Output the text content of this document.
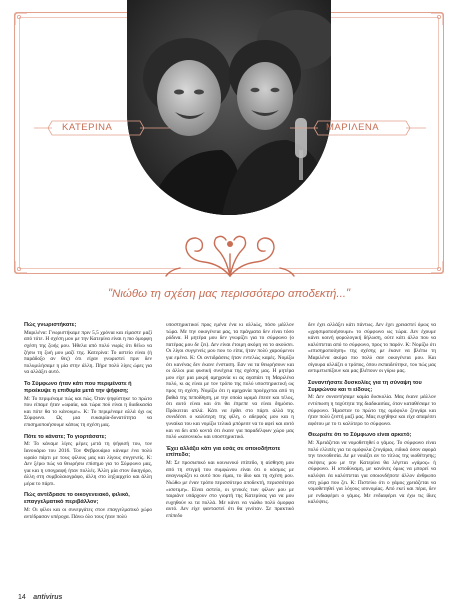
ΚΑΤΕΡΙΝΑ	ΜΑΡΙΛΕΝΑ
"Νιώθω τη σχέση μας περισσότερο αποδεκτή..."
Πώς γνωριστήκατε;

Μαριλένα: Γνωριστήκαμε πριν 5,5 χρόνια και είμαστε μαζί από τότε. Η σχέση μου με την Κατερίνα είναι η πιο όμορφη σχέση της ζωής μου. Ήθελα από πολύ νωρίς ότι θέλω να ζήσω τη ζωή μου μαζί της. Κατερίνα: Το αστείο είναι (ή παράδοξο αν θες) ότι είχαν γνωριστεί πριν δεν πολυμιλήσαμε η μία στην άλλη. Πήρε πολύ λίγες ώρες για να αλλάξει αυτό.

Το Σύμφωνο ήταν κάτι που περιμένατε ή προέκυψε η επιθυμία μετά την ψήφιση;

Μ: Το περιμέναμε πώς και πώς. Όταν ψηφίστηκε το πρώτο που είπαμε ήταν «ωραία, και τώρα πού είναι η διαδικασία και πότε θα το κάνουμε». Κ: Το περιμέναμε αλλά όχι ως Σύμφωνο. Ως μια ευκαιρία-δυνατότητα να επισημοποιήσουμε κάπως τη σχέση μας.

Πότε το κάνατε; Το γιορτάσατε;

Μ: Το κάναμε λίγες μέρες μετά τη ψήφισή του, τον Ιανουάριο του 2016. Τον Φεβρουάριο κάναμε ένα πολύ ωραίο πάρτι με τους φίλους μας και λίγους συγγενείς. Κ: Δεν ξέρω πώς να θεωρήσω επίσημο για το Σύμφωνο μας, για και η υπογραφή ήταν πολλές. Άλλη μία στον δικηγόρο, άλλη στη συμβολαιογράφο, άλλη στο ληξιαρχείο και άλλη μέρα το πάρτι.

Πώς αντέδρασε το οικογενειακό, φιλικό, επαγγελματικό περιβάλλον;

Μ: Οι φίλοι και οι συνεργάτες στον επαγγελματικό χώρο αντέδρασαν υπέροχα. Πάνω όλο τους ήταν πολύ

υποστηρικτικοί προς εμένα ένα κι αλλιώς, πόσο μάλλον τώρα. Με την οικογένεια μας, τα πράγματα δεν είναι τόσο ρόδινα. Η μητέρα μου δεν γνωρίζει για το σύμφωνο (ο πατέρας μου δε ζει). Δεν είναι έτοιμη ακόμη να το ακούσει. Οι λίγοι συγγενείς μου που το είπα, ήταν πολύ χαρούμενοι για εμένα. Κ: Οι αντιδράσεις ήταν εντελώς καρές. Νομίζω ότι κανένας δεν έκανε ένσταση. Εαν να τα θεωρήσουν και οι άλλοι μια φυσική συνέχεια της σχέσης μας. Η μητέρα μου είχε μια μικρή αμηχανία κι ας αγαπάει τη Μαριλένα πολύ, κι ας είναι με τον τρόπο της πολύ υποστηρικτική ως προς τη σχέση. Νομίζω ότι η αμηχανία προέρχεται από τη βαθιά της πεποίθηση, με την οποία ωριμά έπεσε και τέλος, ότι αυτό είναι και ότι θα έπρεπε να είναι δημόσιο. Πρόκειται απλά. Κάτι να έρθει στο πάρτι αλλά της συνιδέσει ο καλύτερη της φίλη, ο αδερφός μου και η γυναίκα του και νομίζω τελικά μπόρεσε να το αφεί και αυτό και να δει από κοντά ότι έκανε για παραδέλφων χώρο μας πολύ «κανονικό» και υποστηρικτικό.

Έχει αλλάξει κάτι για εσάς σε οποιοδήποτε επίπεδο;

Μ: Σε προσωπικό και κοινωνικό επίπεδο, η αίσθηση μου από τη στιγμή του συμφώνου είναι ότι ο κόσμος με αναγνωρίζει κι αυτό που είμαι, το ίδιο και τη σχέση μου. Νιώθω με έναν τρόπο περισσότερο αποδεκτή, περισσότερο «ισοτιμη». Είναι αστείο, οι γενικές των φίλων μου με ταιριάνε υπάρχουν στο γιορτή της Κατερίνας για να μου ευχηθούν κι τα πολλά. Με κάνει να νιώθω πολύ όμορφα αυτό. Δεν είχε φανταστεί ότι θα γινόταν. Σε πρακτικό επίπεδο

δεν έχει αλλάξει κάτι πάντως. Δεν έχει χρειαστεί όμως να «χρησιμοποιήσουμε» το σύμφωνο ως τώρα. Δεν έχουμε κάνει κοινή φορολογική δήλωση, ούτε κάτι άλλο που να καλύπτεται από το σύμφωνο, προς το παρόν. Κ: Νομίζω ότι «επισημοποίηση» της σχέσης με έκανε να βλέπω τη Μαριλένα ακόμα πιο πολύ σαν οικογένεια μου. Και σίγουρα αλλάζει ο τρόπος, όπου εκπαιδεύτηκε, του πώς μας αντιμετωπίζουν και μας βλέπουν οι γύρω μας.

Συναντήσατε δυσκολίες για τη σύναψη του Συμφώνου και τι είδους;

Μ: Δεν συναντήσαμε καμία δυσκολία. Μας έκανε μάλλον εντύπωση η ταχύτητα της διαδικασίας, όταν καταθέσαμε το σύμφωνο. Ήμασταν το πρώτο της ομόφυλο ζευγάρι και ήταν πολύ ζεστή μαζί μας. Μας ευχήθηκε και είχε απαρέσει αφότου με το τι καλύτερο το σύμφωνο.

Θεωρείτε ότι το Σύμφωνο είναι αρκετό;

Μ: Χρειάζεται να νομοθετηθεί ο γάμος. Το σύμφωνο είναι πολύ ελλιπές για τα ομόφυλα ζευγάρια, ειδικά όσον αφορά την τεκνοθεσία. Δε με νοιάζει αν το τίτλος της υιοθέτησης; σκέψεις μου με την Κατερίνα θα λέγεται «γάμος» ή σύμφωνο. Η ιστοδύναμη, με κανόνες όμως να μπορεί να καλύψει έα καλύπτεται για οποιονδήποτε άλλον άνθρωπο στη χώρα που ζει. Κ: Πιστεύω ότι ο γάμος χρειάζεται να νομοθετηθεί για λόγους ισονομίας. Από εκεί και πέρα, δεν με ενδιαφέρει ο γάμος. Με ενδιαφέρει να έχω τις ίδιες καλύψεις.

14 antivirus
